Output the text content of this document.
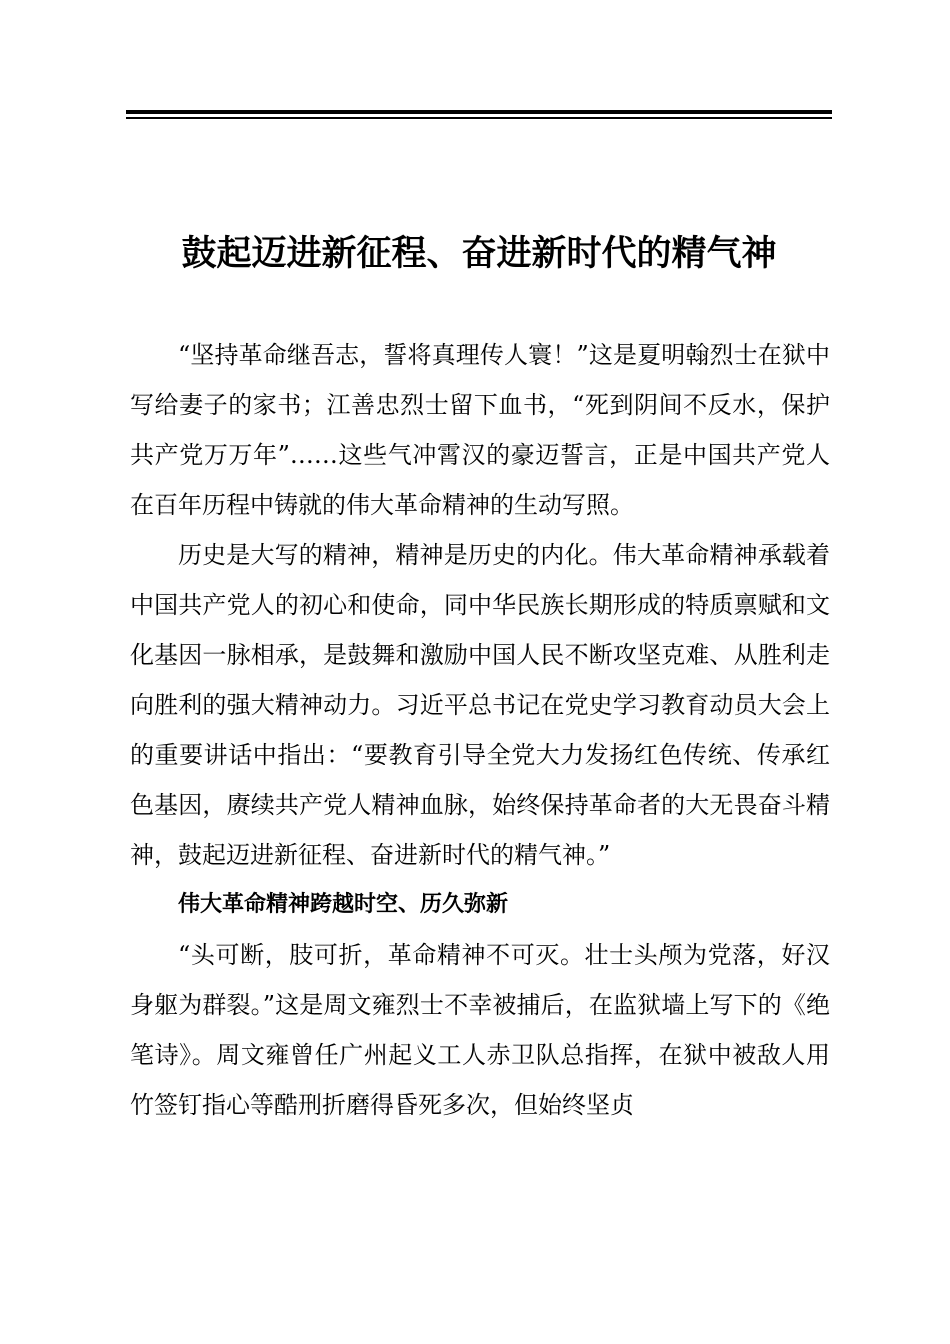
鼓起迈进新征程、奋进新时代的精气神

“坚持革命继吾志，誓将真理传人寰！”这是夏明翰烈士在狱中写给妻子的家书；江善忠烈士留下血书，“死到阴间不反水，保护共产党万万年”……这些气冲霄汉的豪迈誓言，正是中国共产党人在百年历程中铸就的伟大革命精神的生动写照。

历史是大写的精神，精神是历史的内化。伟大革命精神承载着中国共产党人的初心和使命，同中华民族长期形成的特质禀赋和文化基因一脉相承，是鼓舞和激励中国人民不断攻坚克难、从胜利走向胜利的强大精神动力。习近平总书记在党史学习教育动员大会上的重要讲话中指出：“要教育引导全党大力发扬红色传统、传承红色基因，赓续共产党人精神血脉，始终保持革命者的大无畏奋斗精神，鼓起迈进新征程、奋进新时代的精气神。”

伟大革命精神跨越时空、历久弥新

“头可断，肢可折，革命精神不可灭。壮士头颅为党落，好汉身躯为群裂。”这是周文雍烈士不幸被捕后，在监狱墙上写下的《绝笔诗》。周文雍曾任广州起义工人赤卫队总指挥，在狱中被敌人用竹签钉指心等酷刑折磨得昏死多次，但始终坚贞
